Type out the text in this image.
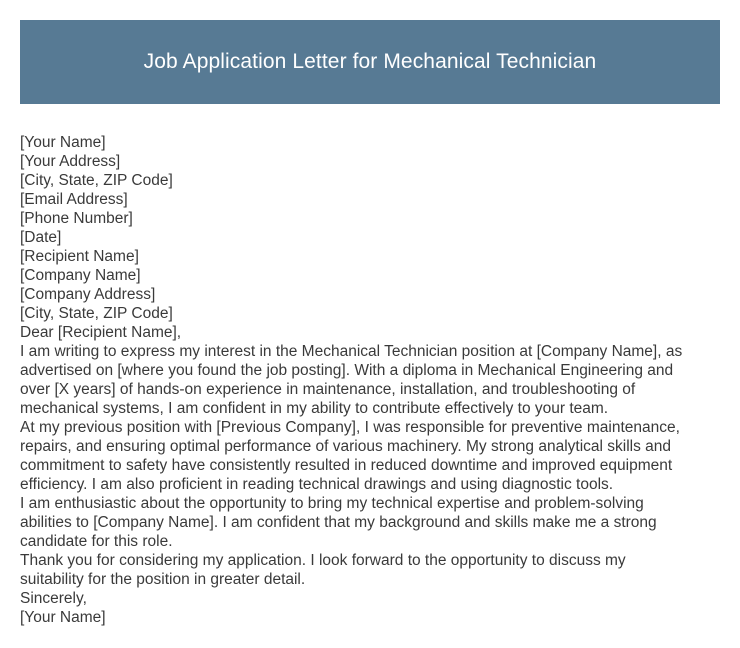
Job Application Letter for Mechanical Technician
[Your Name]
[Your Address]
[City, State, ZIP Code]
[Email Address]
[Phone Number]
[Date]
[Recipient Name]
[Company Name]
[Company Address]
[City, State, ZIP Code]
Dear [Recipient Name],
I am writing to express my interest in the Mechanical Technician position at [Company Name], as
advertised on [where you found the job posting]. With a diploma in Mechanical Engineering and
over [X years] of hands-on experience in maintenance, installation, and troubleshooting of
mechanical systems, I am confident in my ability to contribute effectively to your team.
At my previous position with [Previous Company], I was responsible for preventive maintenance,
repairs, and ensuring optimal performance of various machinery. My strong analytical skills and
commitment to safety have consistently resulted in reduced downtime and improved equipment
efficiency. I am also proficient in reading technical drawings and using diagnostic tools.
I am enthusiastic about the opportunity to bring my technical expertise and problem-solving
abilities to [Company Name]. I am confident that my background and skills make me a strong
candidate for this role.
Thank you for considering my application. I look forward to the opportunity to discuss my
suitability for the position in greater detail.
Sincerely,
[Your Name]
